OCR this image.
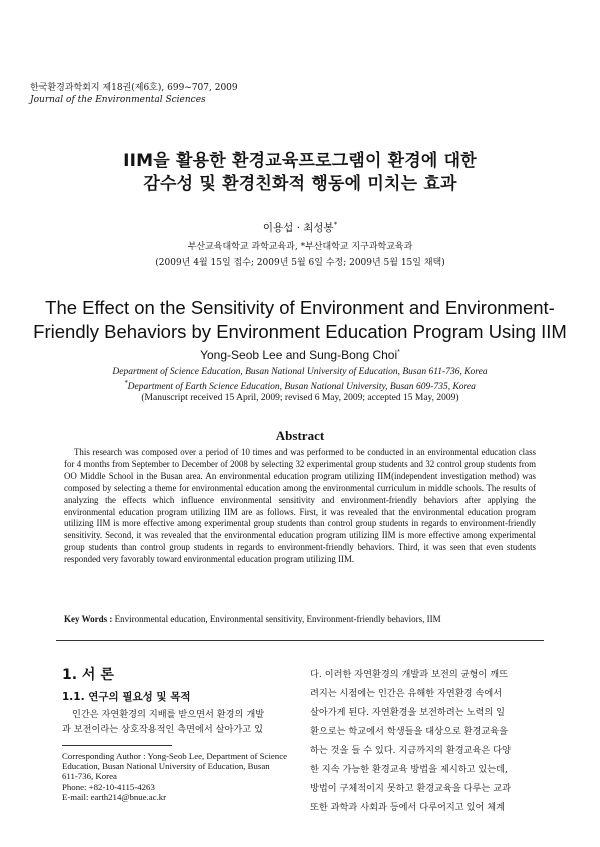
한국환경과학회지 제18권(제6호), 699~707, 2009
Journal of the Environmental Sciences
IIM을 활용한 환경교육프로그램이 환경에 대한
감수성 및 환경친화적 행동에 미치는 효과
이용섭 · 최성봉*
부산교육대학교 과학교육과, *부산대학교 지구과학교육과
(2009년 4월 15일 접수; 2009년 5월 6일 수정; 2009년 5월 15일 채택)
The Effect on the Sensitivity of Environment and Environment-
Friendly Behaviors by Environment Education Program Using IIM
Yong-Seob Lee and Sung-Bong Choi*
Department of Science Education, Busan National University of Education, Busan 611-736, Korea
*Department of Earth Science Education, Busan National University, Busan 609-735, Korea
(Manuscript received 15 April, 2009; revised 6 May, 2009; accepted 15 May, 2009)
Abstract
This research was composed over a period of 10 times and was performed to be conducted in an environmental education class for 4 months from September to December of 2008 by selecting 32 experimental group students and 32 control group students from OO Middle School in the Busan area. An environmental education program utilizing IIM(independent investigation method) was composed by selecting a theme for environmental education among the environmental curriculum in middle schools. The results of analyzing the effects which influence environmental sensitivity and environment-friendly behaviors after applying the environmental education program utilizing IIM are as follows. First, it was revealed that the environmental education program utilizing IIM is more effective among experimental group students than control group students in regards to environment-friendly sensitivity. Second, it was revealed that the environmental education program utilizing IIM is more effective among experimental group students than control group students in regards to environment-friendly behaviors. Third, it was seen that even students responded very favorably toward environmental education program utilizing IIM.
Key Words : Environmental education, Environmental sensitivity, Environment-friendly behaviors, IIM
1. 서 론
1.1. 연구의 필요성 및 목적
인간은 자연환경의 지배를 받으면서 환경의 개발
과 보전이라는 상호작용적인 측면에서 살아가고 있
다. 이러한 자연환경의 개발과 보전의 균형이 깨뜨
려지는 시점에는 인간은 유해한 자연환경 속에서
살아가게 된다. 자연환경을 보전하려는 노력의 일
환으로는 학교에서 학생들을 대상으로 환경교육을
하는 것을 들 수 있다. 지금까지의 환경교육은 다양
한 지속 가능한 환경교육 방법을 제시하고 있는데,
방법이 구체적이지 못하고 환경교육을 다루는 교과
또한 과학과 사회과 등에서 다루어지고 있어 체계
Corresponding Author : Yong-Seob Lee, Department of Science
Education, Busan National University of Education, Busan
611-736, Korea
Phone: +82-10-4115-4263
E-mail: earth214@bnue.ac.kr
